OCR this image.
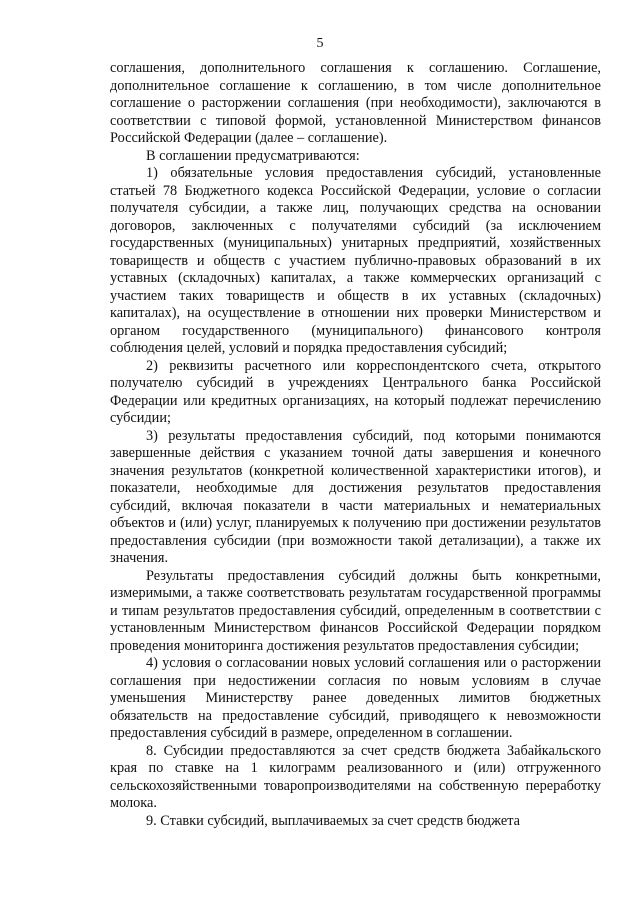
5

соглашения, дополнительного соглашения к соглашению. Соглашение, дополнительное соглашение к соглашению, в том числе дополнительное соглашение о расторжении соглашения (при необходимости), заключаются в соответствии с типовой формой, установленной Министерством финансов Российской Федерации (далее – соглашение).

В соглашении предусматриваются:

1) обязательные условия предоставления субсидий, установленные статьей 78 Бюджетного кодекса Российской Федерации, условие о согласии получателя субсидии, а также лиц, получающих средства на основании договоров, заключенных с получателями субсидий (за исключением государственных (муниципальных) унитарных предприятий, хозяйственных товариществ и обществ с участием публично-правовых образований в их уставных (складочных) капиталах, а также коммерческих организаций с участием таких товариществ и обществ в их уставных (складочных) капиталах), на осуществление в отношении них проверки Министерством и органом государственного (муниципального) финансового контроля соблюдения целей, условий и порядка предоставления субсидий;

2) реквизиты расчетного или корреспондентского счета, открытого получателю субсидий в учреждениях Центрального банка Российской Федерации или кредитных организациях, на который подлежат перечислению субсидии;

3) результаты предоставления субсидий, под которыми понимаются завершенные действия с указанием точной даты завершения и конечного значения результатов (конкретной количественной характеристики итогов), и показатели, необходимые для достижения результатов предоставления субсидий, включая показатели в части материальных и нематериальных объектов и (или) услуг, планируемых к получению при достижении результатов предоставления субсидии (при возможности такой детализации), а также их значения.

Результаты предоставления субсидий должны быть конкретными, измеримыми, а также соответствовать результатам государственной программы и типам результатов предоставления субсидий, определенным в соответствии с установленным Министерством финансов Российской Федерации порядком проведения мониторинга достижения результатов предоставления субсидии;

4) условия о согласовании новых условий соглашения или о расторжении соглашения при недостижении согласия по новым условиям в случае уменьшения Министерству ранее доведенных лимитов бюджетных обязательств на предоставление субсидий, приводящего к невозможности предоставления субсидий в размере, определенном в соглашении.

8. Субсидии предоставляются за счет средств бюджета Забайкальского края по ставке на 1 килограмм реализованного и (или) отгруженного сельскохозяйственными товаропроизводителями на собственную переработку молока.

9. Ставки субсидий, выплачиваемых за счет средств бюджета
